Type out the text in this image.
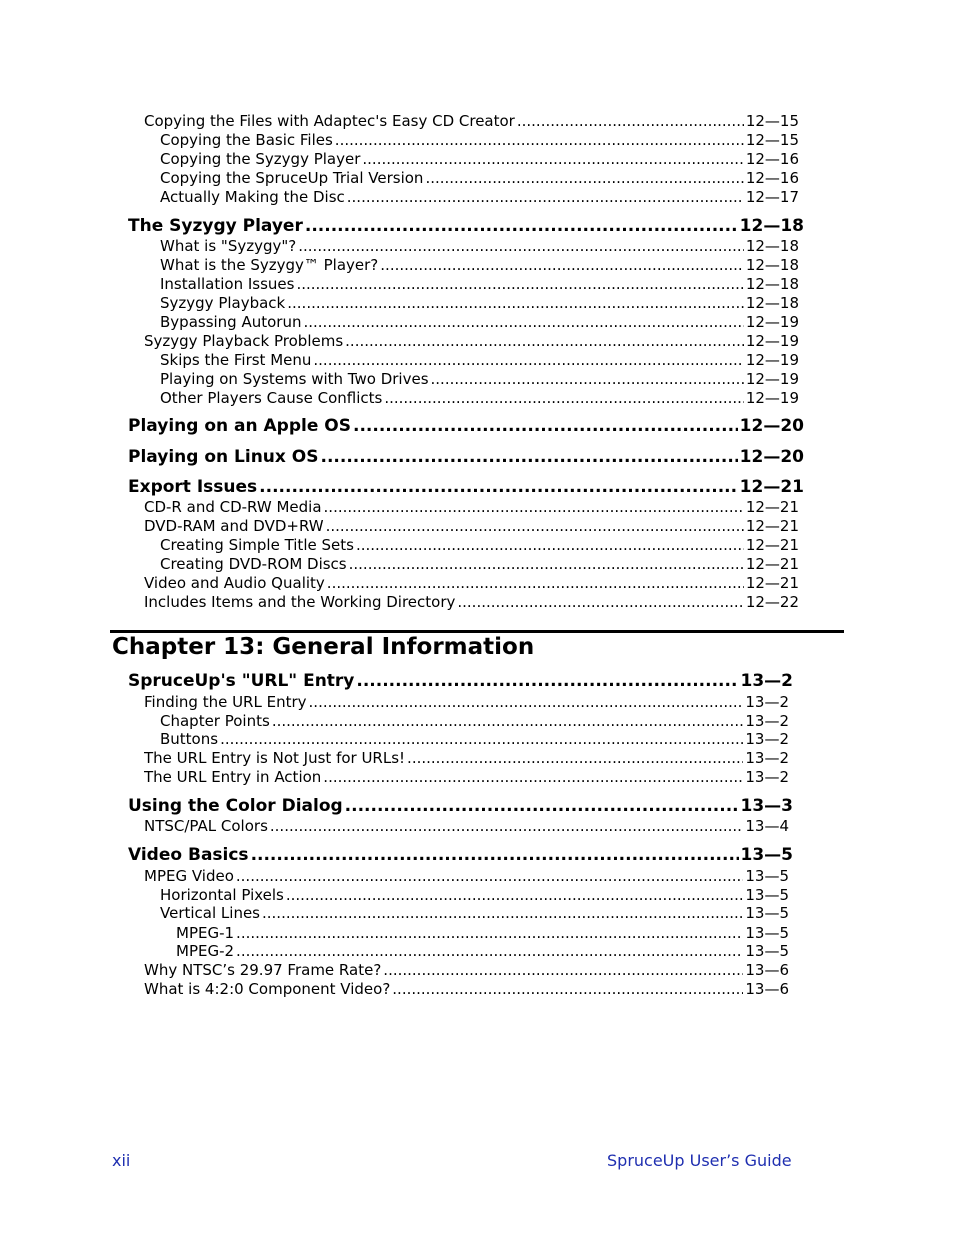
Copying the Files with Adaptec's Easy CD Creator .....	12—15
Copying the Basic Files .....	12—15
Copying the Syzygy Player .....	12—16
Copying the SpruceUp Trial Version .....	12—16
Actually Making the Disc .....	12—17
The Syzygy Player .....	12—18
What is "Syzygy"? .....	12—18
What is the Syzygy™ Player? .....	12—18
Installation Issues .....	12—18
Syzygy Playback .....	12—18
Bypassing Autorun .....	12—19
Syzygy Playback Problems .....	12—19
Skips the First Menu .....	12—19
Playing on Systems with Two Drives .....	12—19
Other Players Cause Conflicts .....	12—19
Playing on an Apple OS .....	12—20
Playing on Linux OS .....	12—20
Export Issues .....	12—21
CD-R and CD-RW Media .....	12—21
DVD-RAM and DVD+RW .....	12—21
Creating Simple Title Sets .....	12—21
Creating DVD-ROM Discs .....	12—21
Video and Audio Quality .....	12—21
Includes Items and the Working Directory .....	12—22
Chapter 13: General Information
SpruceUp's "URL" Entry .....	13—2
Finding the URL Entry .....	13—2
Chapter Points .....	13—2
Buttons .....	13—2
The URL Entry is Not Just for URLs! .....	13—2
The URL Entry in Action .....	13—2
Using the Color Dialog .....	13—3
NTSC/PAL Colors .....	13—4
Video Basics .....	13—5
MPEG Video .....	13—5
Horizontal Pixels .....	13—5
Vertical Lines .....	13—5
MPEG-1 .....	13—5
MPEG-2 .....	13—5
Why NTSC’s 29.97 Frame Rate? .....	13—6
What is 4:2:0 Component Video? .....	13—6
xii	SpruceUp User’s Guide
